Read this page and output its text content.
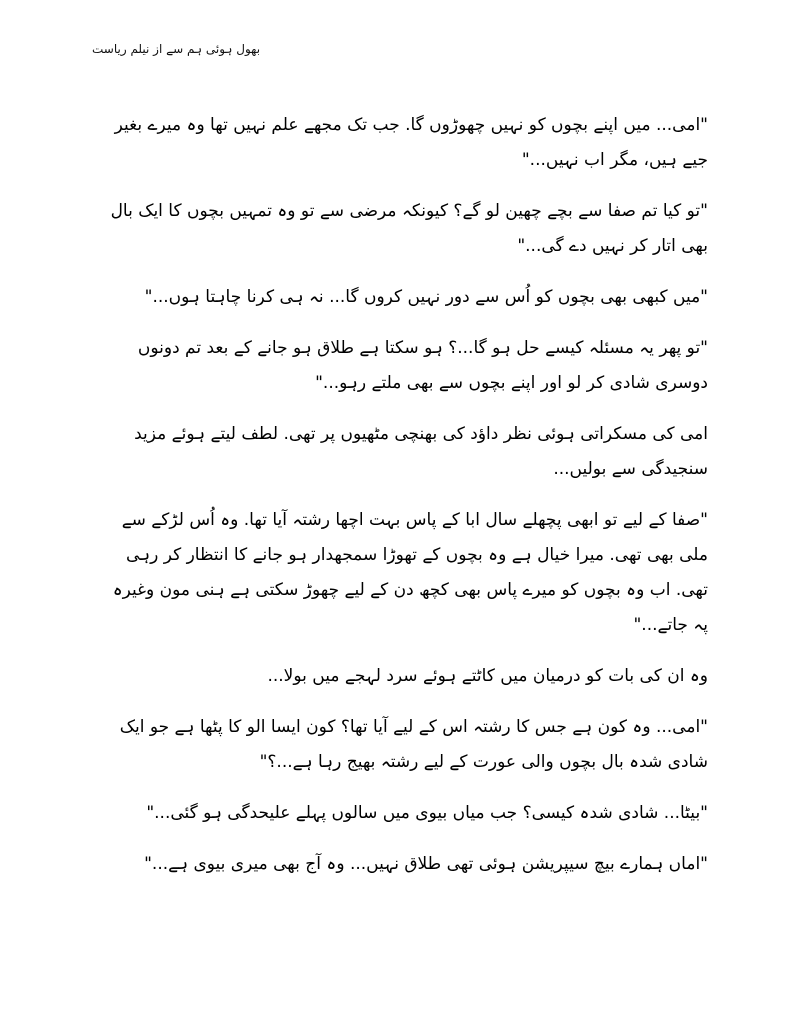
بھول ہوئی ہم سے از نیلم ریاست

"امی... میں اپنے بچوں کو نہیں چھوڑوں گا. جب تک مجھے علم نہیں تھا وہ میرے بغیر جیے ہیں، مگر اب نہیں..."

"تو کیا تم صفا سے بچے چھین لو گے؟ کیونکہ مرضی سے تو وہ تمہیں بچوں کا ایک بال بھی اتار کر نہیں دے گی..."

"میں کبھی بھی بچوں کو اُس سے دور نہیں کروں گا... نہ ہی کرنا چاہتا ہوں..."

"تو پھر یہ مسئلہ کیسے حل ہو گا...؟ ہو سکتا ہے طلاق ہو جانے کے بعد تم دونوں دوسری شادی کر لو اور اپنے بچوں سے بھی ملتے رہو..."

امی کی مسکراتی ہوئی نظر داؤد کی بھنچی مٹھیوں پر تھی. لطف لیتے ہوئے مزید سنجیدگی سے بولیں...

"صفا کے لیے تو ابھی پچھلے سال ابا کے پاس بہت اچھا رشتہ آیا تھا. وہ اُس لڑکے سے ملی بھی تھی. میرا خیال ہے وہ بچوں کے تھوڑا سمجھدار ہو جانے کا انتظار کر رہی تھی. اب وہ بچوں کو میرے پاس بھی کچھ دن کے لیے چھوڑ سکتی ہے ہنی مون وغیرہ پہ جاتے..."

وہ ان کی بات کو درمیان میں کاٹتے ہوئے سرد لہجے میں بولا...

"امی... وہ کون ہے جس کا رشتہ اس کے لیے آیا تھا؟ کون ایسا الو کا پٹھا ہے جو ایک شادی شدہ بال بچوں والی عورت کے لیے رشتہ بھیج رہا ہے...؟"

"بیٹا... شادی شدہ کیسی؟ جب میاں بیوی میں سالوں پہلے علیحدگی ہو گئی..."

"اماں ہمارے بیچ سیپریشن ہوئی تھی طلاق نہیں... وہ آج بھی میری بیوی ہے..."
